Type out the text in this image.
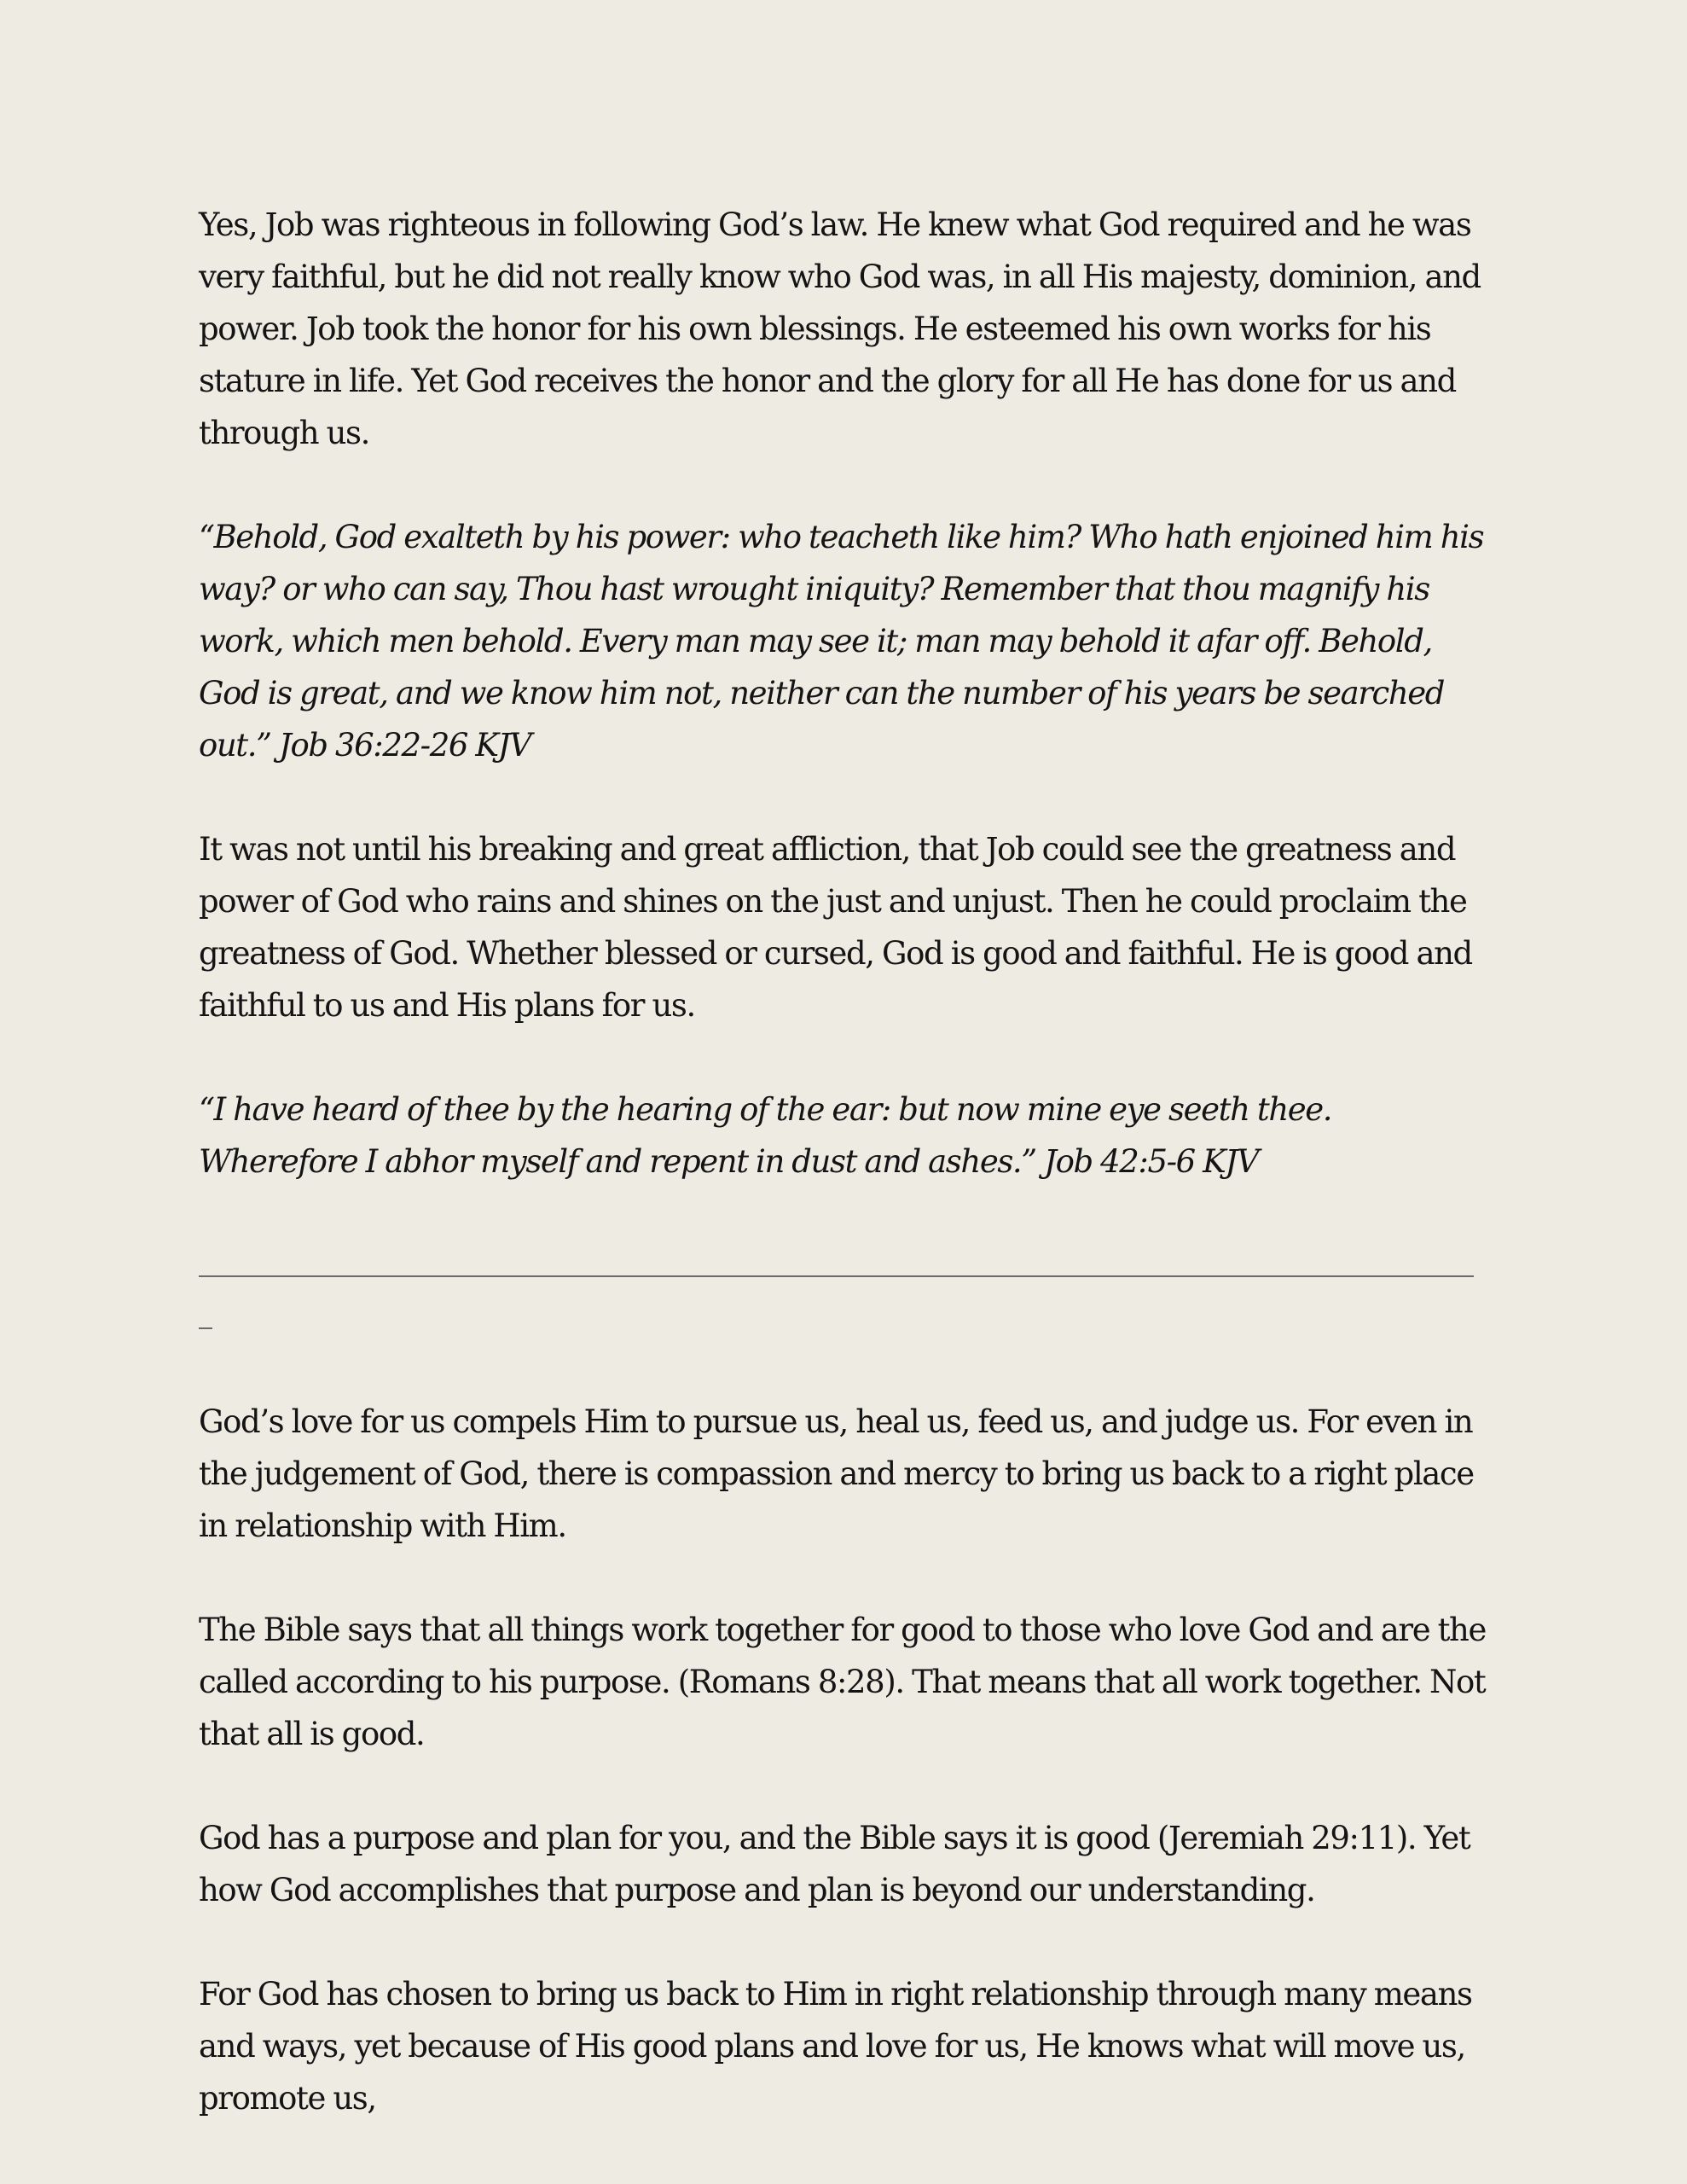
Yes, Job was righteous in following God’s law. He knew what God required and he was very faithful, but he did not really know who God was, in all His majesty, dominion, and power. Job took the honor for his own blessings. He esteemed his own works for his stature in life. Yet God receives the honor and the glory for all He has done for us and through us.

“Behold, God exalteth by his power: who teacheth like him? Who hath enjoined him his way? or who can say, Thou hast wrought iniquity? Remember that thou magnify his work, which men behold. Every man may see it; man may behold it afar off. Behold, God is great, and we know him not, neither can the number of his years be searched out.” Job 36:22-26 KJV

It was not until his breaking and great affliction, that Job could see the greatness and power of God who rains and shines on the just and unjust. Then he could proclaim the greatness of God. Whether blessed or cursed, God is good and faithful. He is good and faithful to us and His plans for us.

“I have heard of thee by the hearing of the ear: but now mine eye seeth thee. Wherefore I abhor myself and repent in dust and ashes.” Job 42:5-6 KJV

God’s love for us compels Him to pursue us, heal us, feed us, and judge us. For even in the judgement of God, there is compassion and mercy to bring us back to a right place in relationship with Him.

The Bible says that all things work together for good to those who love God and are the called according to his purpose. (Romans 8:28). That means that all work together. Not that all is good.

God has a purpose and plan for you, and the Bible says it is good (Jeremiah 29:11). Yet how God accomplishes that purpose and plan is beyond our understanding.

For God has chosen to bring us back to Him in right relationship through many means and ways, yet because of His good plans and love for us, He knows what will move us, promote us,
